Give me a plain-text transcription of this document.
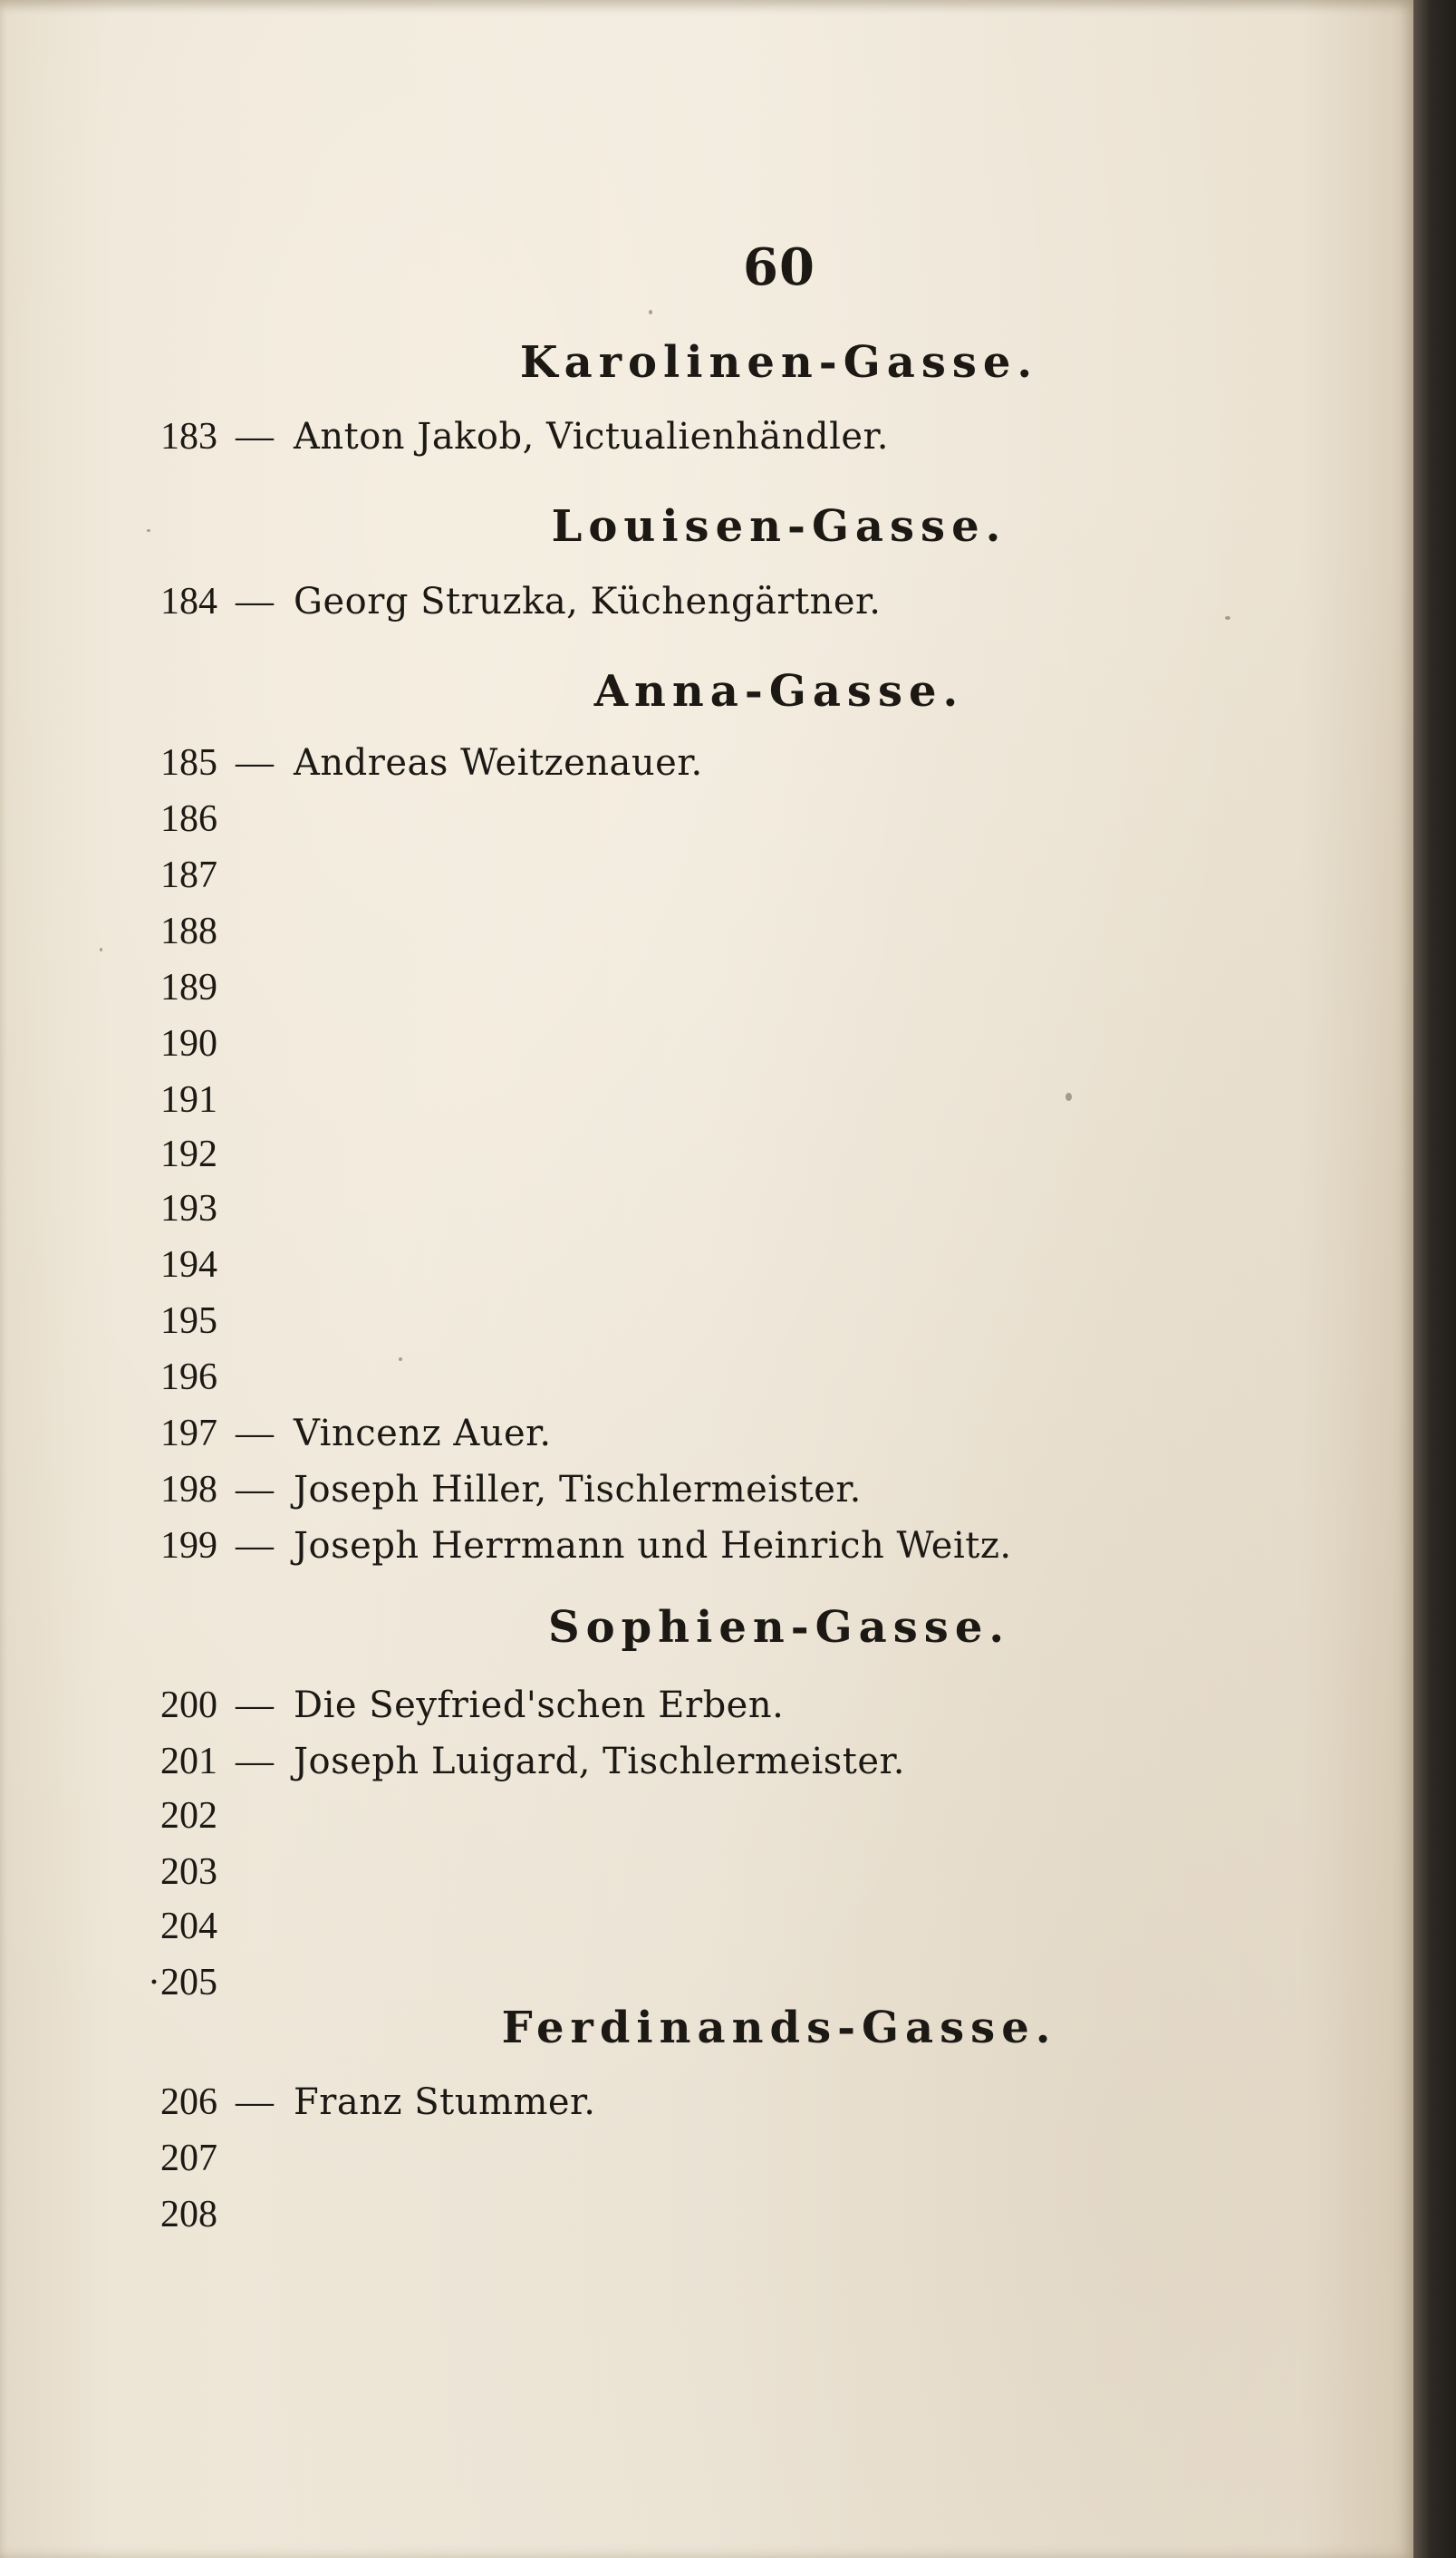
60
Karolinen-Gasse.
183 — Anton Jakob, Victualienhändler.
Louisen-Gasse.
184 — Georg Struzka, Küchengärtner.
Anna-Gasse.
185 — Andreas Weitzenauer.
186
187
188
189
190
191
192
193
194
195
196
197 — Vincenz Auer.
198 — Joseph Hiller, Tischlermeister.
199 — Joseph Herrmann und Heinrich Weitz.
Sophien-Gasse.
200 — Die Seyfried'schen Erben.
201 — Joseph Luigard, Tischlermeister.
202
203
204
·205
Ferdinands-Gasse.
206 — Franz Stummer.
207
208
